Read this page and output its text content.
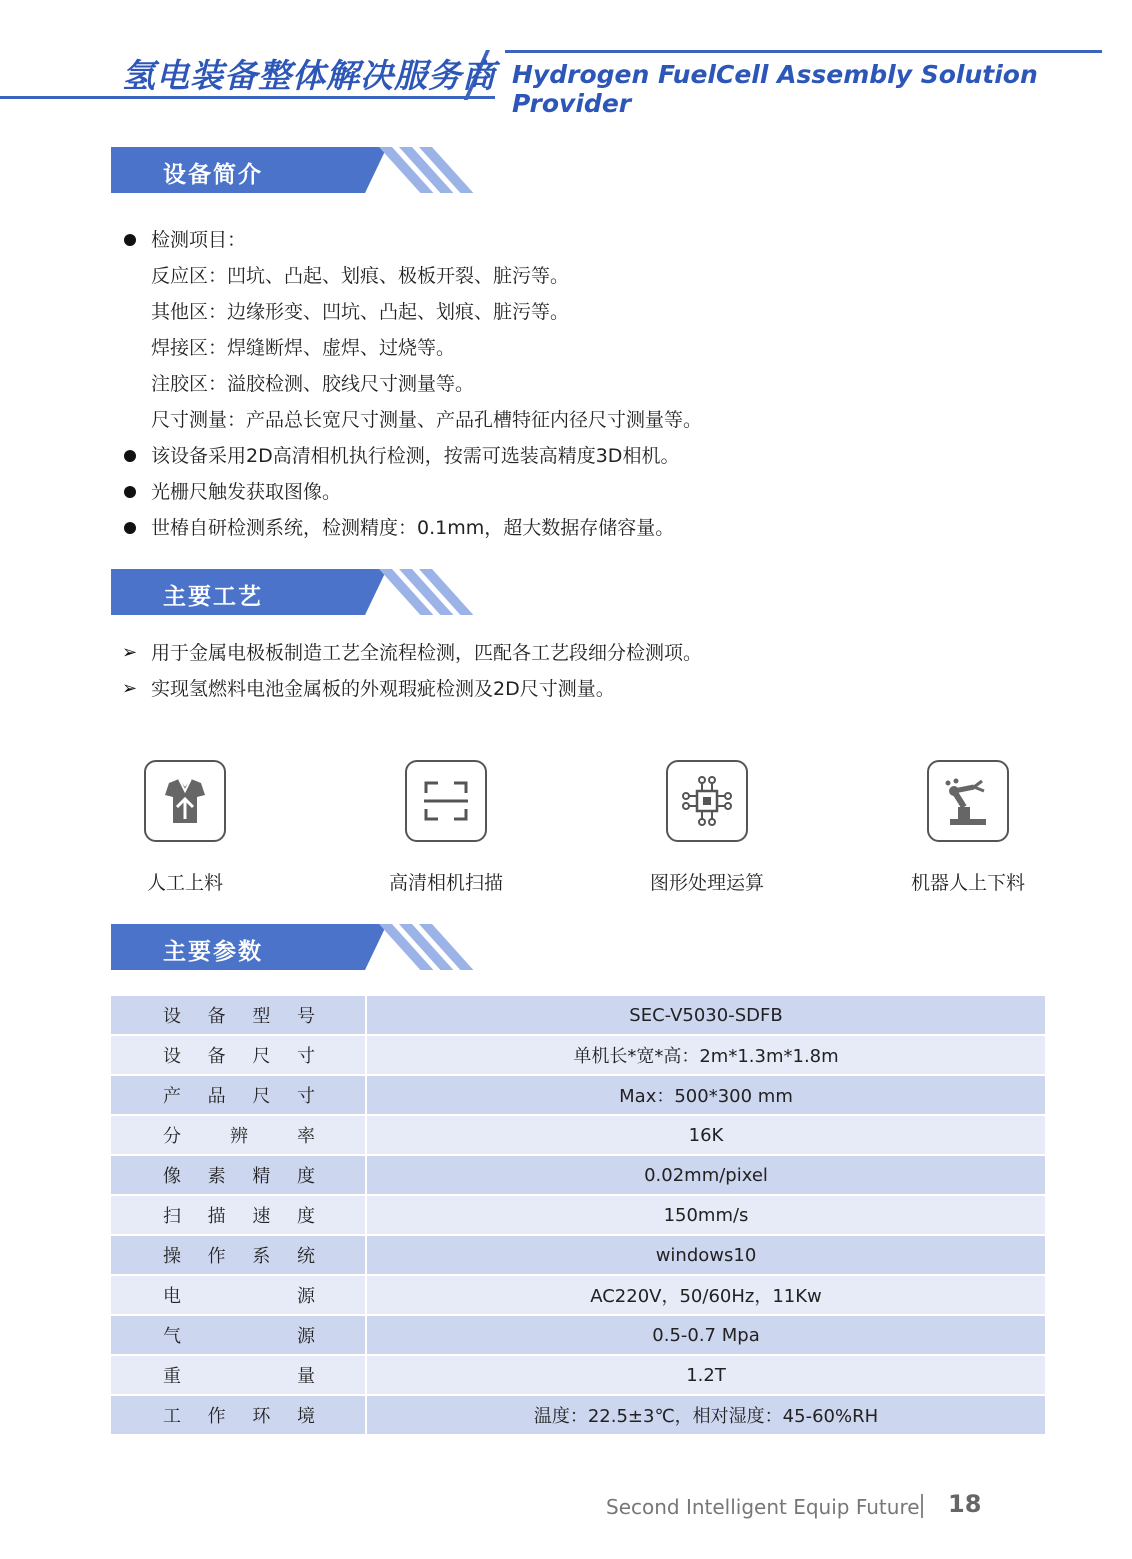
氢电装备整体解决服务商 Hydrogen FuelCell Assembly Solution Provider
设备简介
检测项目：
反应区：凹坑、凸起、划痕、极板开裂、脏污等。
其他区：边缘形变、凹坑、凸起、划痕、脏污等。
焊接区：焊缝断焊、虚焊、过烧等。
注胶区：溢胶检测、胶线尺寸测量等。
尺寸测量：产品总长宽尺寸测量、产品孔槽特征内径尺寸测量等。
该设备采用2D高清相机执行检测，按需可选装高精度3D相机。
光栅尺触发获取图像。
世椿自研检测系统，检测精度：0.1mm，超大数据存储容量。
主要工艺
➢ 用于金属电极板制造工艺全流程检测，匹配各工艺段细分检测项。
➢ 实现氢燃料电池金属板的外观瑕疵检测及2D尺寸测量。
人工上料	高清相机扫描	图形处理运算	机器人上下料
主要参数
设 备 型 号	SEC-V5030-SDFB

设 备 尺 寸	单机长*宽*高：2m*1.3m*1.8m

产 品 尺 寸	Max：500*300 mm

分 辨 率	16K

像 素 精 度	0.02mm/pixel

扫 描 速 度	150mm/s

操 作 系 统	windows10

电 源	AC220V，50/60Hz，11Kw

气 源	0.5-0.7 Mpa

重 量	1.2T

工 作 环 境	温度：22.5±3℃，相对湿度：45-60%RH
Second Intelligent Equip Future 18
